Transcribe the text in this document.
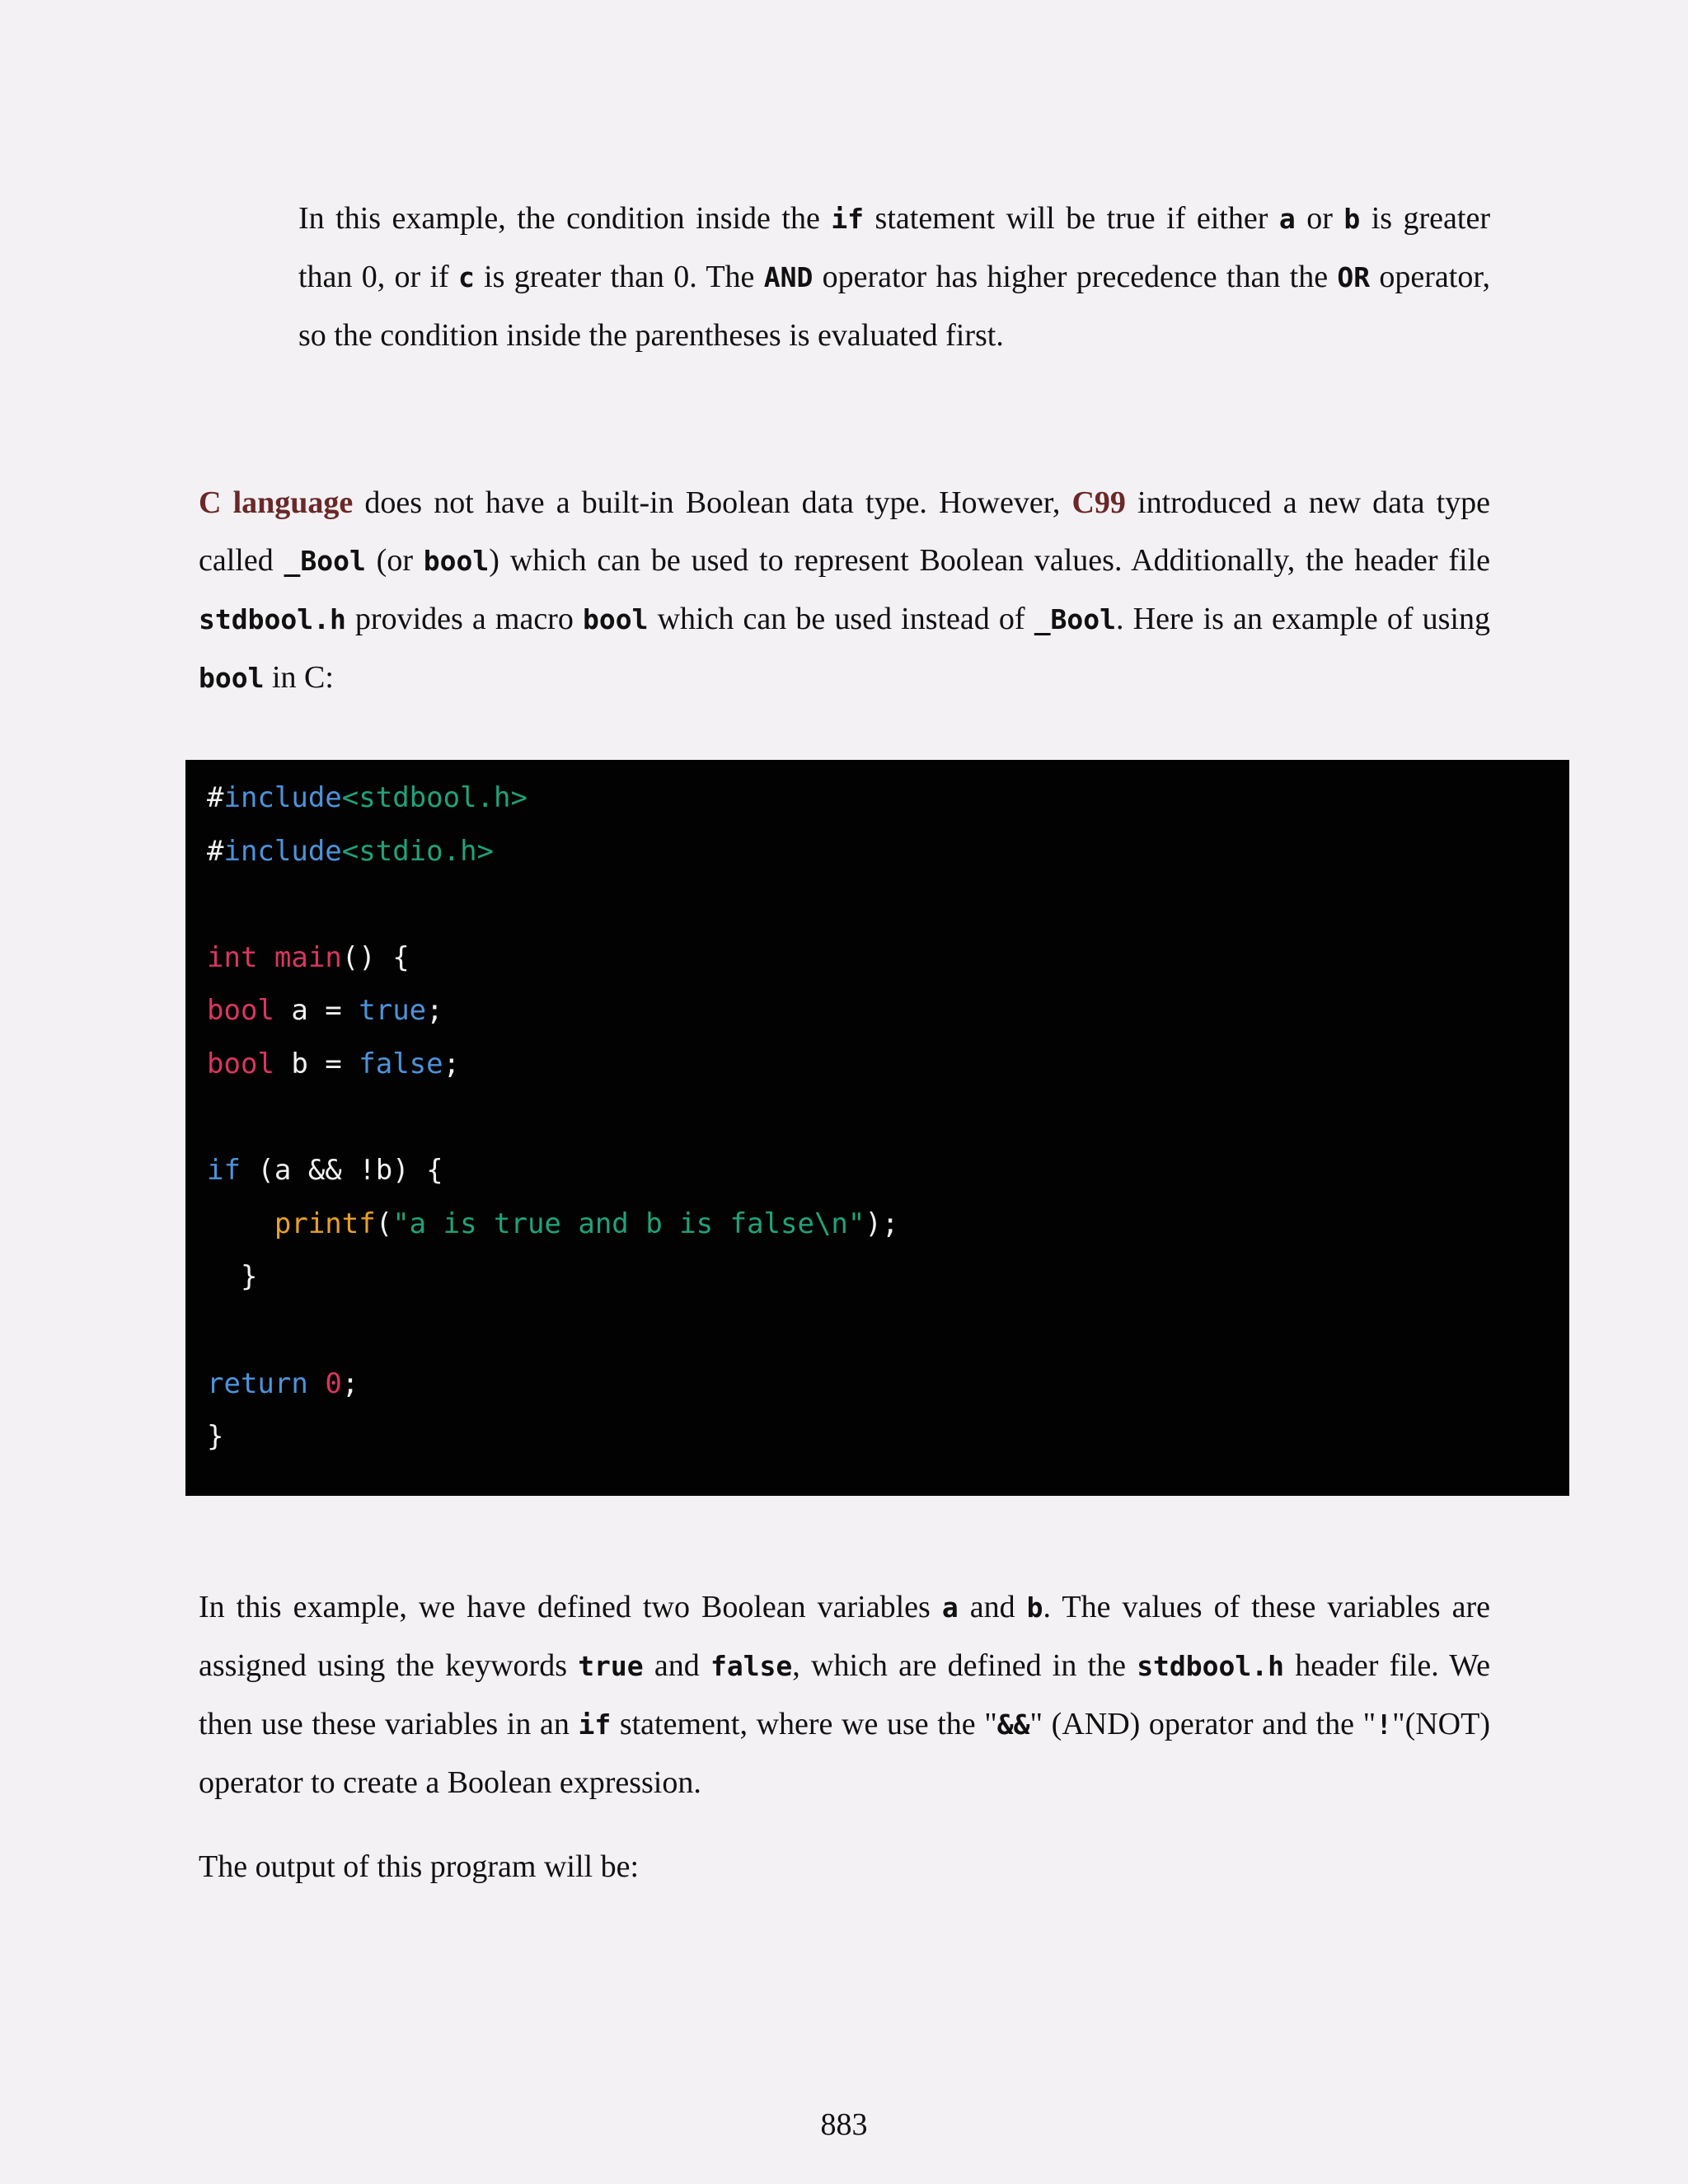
In this example, the condition inside the if statement will be true if either a or b is greater than 0, or if c is greater than 0. The AND operator has higher precedence than the OR operator, so the condition inside the parentheses is evaluated first.
C language does not have a built-in Boolean data type. However, C99 introduced a new data type called _Bool (or bool) which can be used to represent Boolean values. Additionally, the header file stdbool.h provides a macro bool which can be used instead of _Bool. Here is an example of using bool in C:
#include<stdbool.h>
#include<stdio.h>
int main() {
bool a = true;
bool b = false;
if (a && !b) {
printf("a is true and b is false\n");
}
return 0;
}
In this example, we have defined two Boolean variables a and b. The values of these variables are assigned using the keywords true and false, which are defined in the stdbool.h header file. We then use these variables in an if statement, where we use the "&&" (AND) operator and the "!"(NOT) operator to create a Boolean expression.
The output of this program will be:
883
